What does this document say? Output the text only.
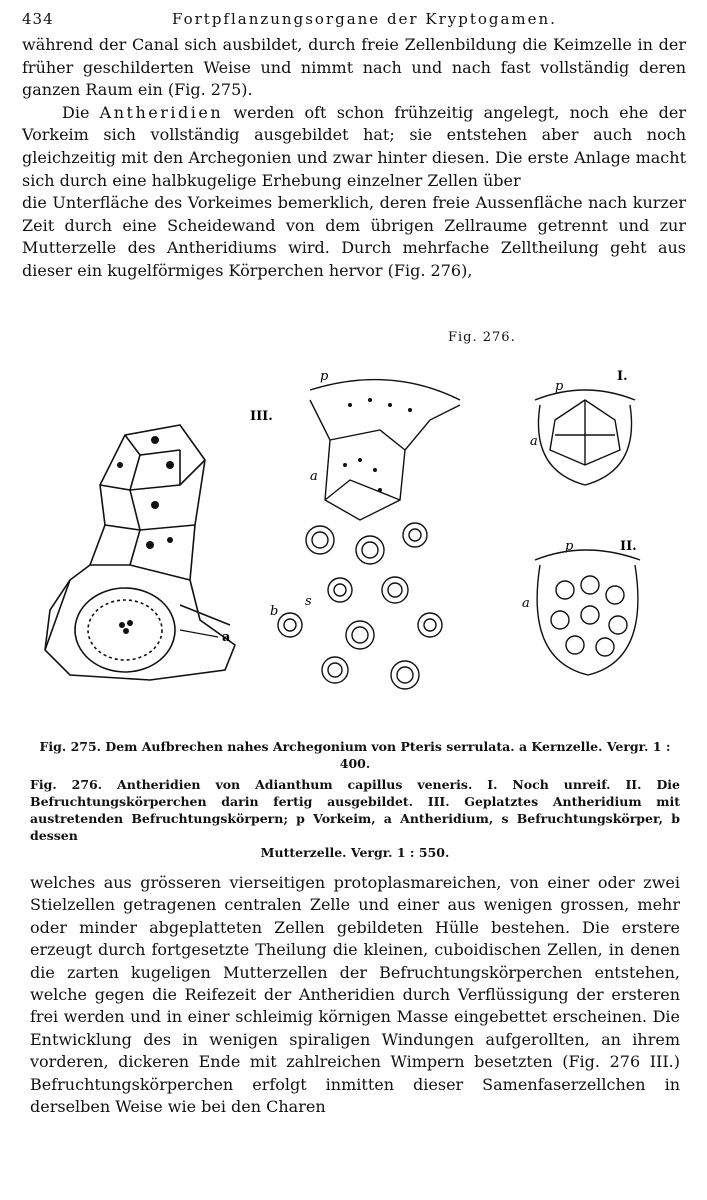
434	Fortpflanzungsorgane der Kryptogamen.

während der Canal sich ausbildet, durch freie Zellenbildung die Keimzelle in der früher geschilderten Weise und nimmt nach und nach fast vollständig deren ganzen Raum ein (Fig. 275).

Die Antheridien werden oft schon frühzeitig angelegt, noch ehe der Vorkeim sich vollständig ausgebildet hat; sie entstehen aber auch noch gleichzeitig mit den Archegonien und zwar hinter diesen. Die erste Anlage macht sich durch eine halbkugelige Erhebung einzelner Zellen über

die Unterfläche des Vorkeimes bemerklich, deren freie Aussenfläche nach kurzer Zeit durch eine Scheidewand von dem übrigen Zellraume getrennt und zur Mutterzelle des Antheridiums wird. Durch mehrfache Zelltheilung geht aus dieser ein kugelförmiges Körperchen hervor (Fig. 276),

Fig. 276.
a
III.
p
a
b
s
I.
p
a
II.
p
a
Fig. 275. Dem Aufbrechen nahes Archegonium von Pteris serrulata. a Kernzelle. Vergr. 1 : 400.
Fig. 276. Antheridien von Adianthum capillus veneris. I. Noch unreif. II. Die Befruchtungskörperchen darin fertig ausgebildet. III. Geplatztes Antheridium mit austretenden Befruchtungskörpern; p Vorkeim, a Antheridium, s Befruchtungskörper, b dessen
Mutterzelle. Vergr. 1 : 550.

welches aus grösseren vierseitigen protoplasmareichen, von einer oder zwei Stielzellen getragenen centralen Zelle und einer aus wenigen grossen, mehr oder minder abgeplatteten Zellen gebildeten Hülle bestehen. Die erstere erzeugt durch fortgesetzte Theilung die kleinen, cuboidischen Zellen, in denen die zarten kugeligen Mutterzellen der Befruchtungskörperchen entstehen, welche gegen die Reifezeit der Antheridien durch Verflüssigung der ersteren frei werden und in einer schleimig körnigen Masse eingebettet erscheinen. Die Entwicklung des in wenigen spiraligen Windungen aufgerollten, an ihrem vorderen, dickeren Ende mit zahlreichen Wimpern besetzten (Fig. 276 III.) Befruchtungskörperchen erfolgt inmitten dieser Samenfaserzellchen in derselben Weise wie bei den Charen
